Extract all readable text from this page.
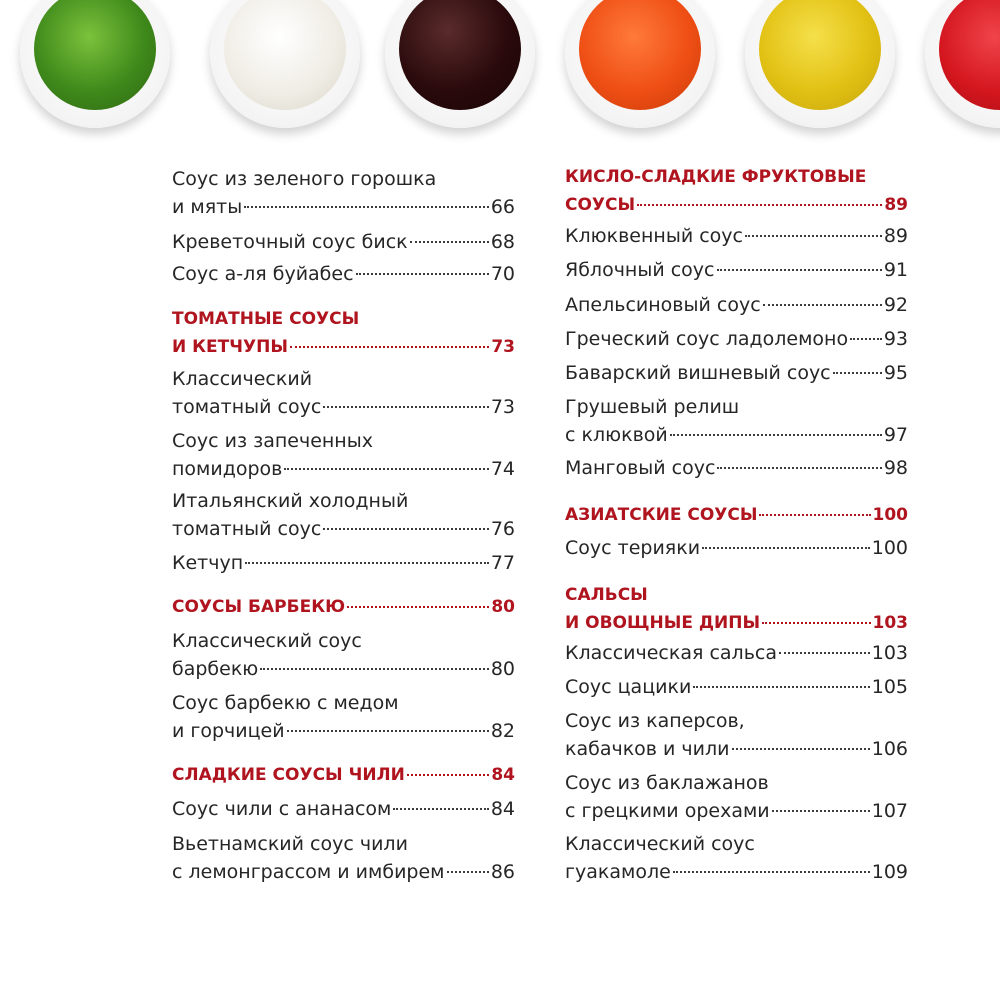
Соус из зеленого горошка
и мяты	66
Креветочный соус биск	68
Соус а-ля буйабес	70
ТОМАТНЫЕ СОУСЫ
И КЕТЧУПЫ	73
Классический
томатный соус	73
Соус из запеченных
помидоров	74
Итальянский холодный
томатный соус	76
Кетчуп	77
СОУСЫ БАРБЕКЮ	80
Классический соус
барбекю	80
Соус барбекю с медом
и горчицей	82
СЛАДКИЕ СОУСЫ ЧИЛИ	84
Соус чили с ананасом	84
Вьетнамский соус чили
с лемонграссом и имбирем 86
КИСЛО-СЛАДКИЕ ФРУКТОВЫЕ
СОУСЫ	89
Клюквенный соус	89
Яблочный соус	91
Апельсиновый соус	92
Греческий соус ладолемоно 93
Баварский вишневый соус	95
Грушевый релиш
с клюквой	97
Манговый соус	98
АЗИАТСКИЕ СОУСЫ	100
Соус терияки	100
САЛЬСЫ
И ОВОЩНЫЕ ДИПЫ	103
Классическая сальса	103
Соус цацики	105
Соус из каперсов,
кабачков и чили	106
Соус из баклажанов
с грецкими орехами	107
Классический соус
гуакамоле	109
